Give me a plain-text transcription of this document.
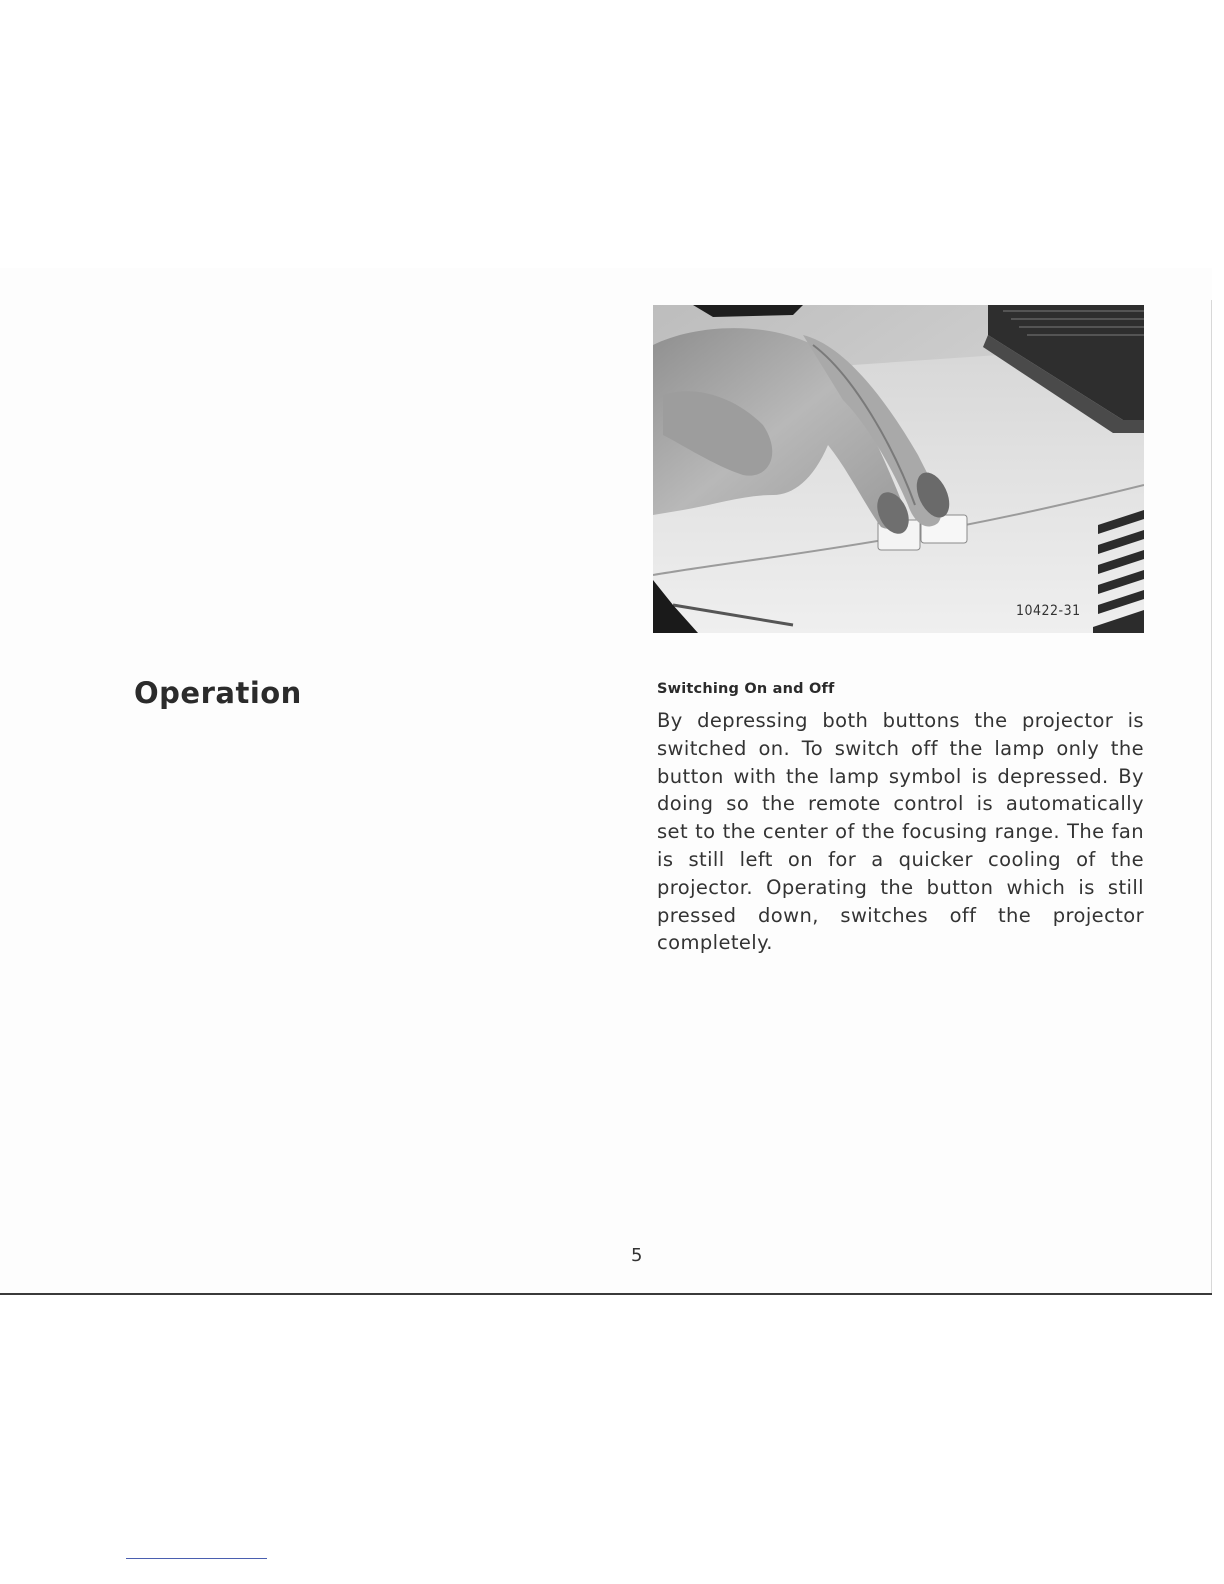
Operation
10422-31
Switching On and Off

By depressing both buttons the projector is switched on. To switch off the lamp only the button with the lamp symbol is depressed. By doing so the remote control is automatically set to the center of the focusing range. The fan is still left on for a quicker cooling of the projector. Operating the button which is still pressed down, switches off the projector completely.

5
